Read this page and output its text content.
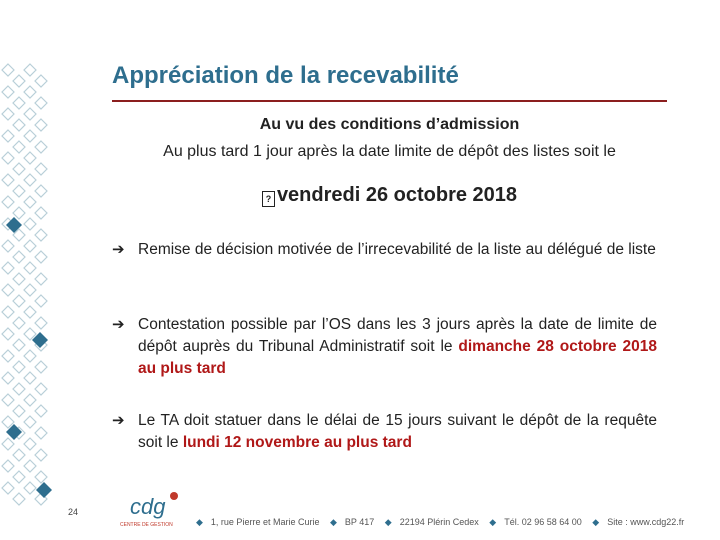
Appréciation de la recevabilité
Au vu des conditions d’admission
Au plus tard 1 jour après la date limite de dépôt des listes soit le
? vendredi 26 octobre 2018
➔ Remise de décision motivée de l’irrecevabilité de la liste au délégué de liste
➔ Contestation possible par l’OS dans les 3 jours après la date de limite de dépôt auprès du Tribunal Administratif soit le dimanche 28 octobre 2018 au plus tard
➔ Le TA doit statuer dans le délai de 15 jours suivant le dépôt de la requête soit le lundi 12 novembre au plus tard
24 cdg
CENTRE DE GESTION	◆ 1, rue Pierre et Marie Curie ◆ BP 417 ◆ 22194 Plérin Cedex ◆ Tél. 02 96 58 64 00 ◆ Site : www.cdg22.fr
